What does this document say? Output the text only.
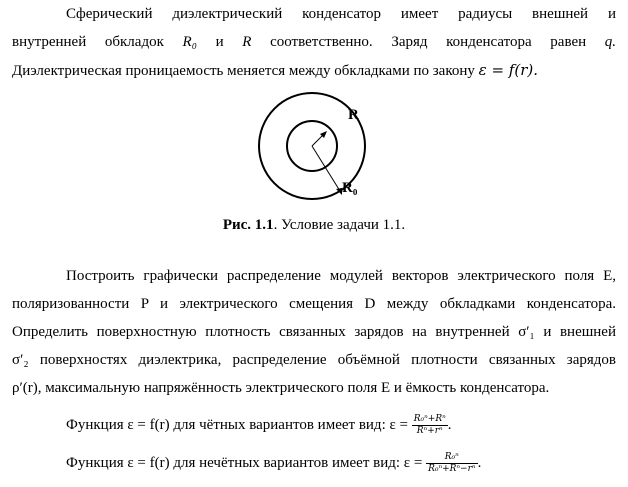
Сферический диэлектрический конденсатор имеет радиусы внешней и
внутренней обкладок R₀ и R соответственно. Заряд конденсатора равен q.
Диэлектрическая проницаемость меняется между обкладками по закону ε = f(r).
R
R₀
Рис. 1.1. Условие задачи 1.1.
Построить графически распределение модулей векторов электрического поля E,
поляризованности P и электрического смещения D между обкладками конденсатора.
Определить поверхностную плотность связанных зарядов на внутренней σ′₁ и внешней
σ′₂ поверхностях диэлектрика, распределение объёмной плотности связанных зарядов
ρ′(r), максимальную напряжённость электрического поля E и ёмкость конденсатора.
Функция ε = f(r) для чётных вариантов имеет вид: $\varepsilon = \frac{\text{R₀ⁿ+Rⁿ}}{\text{Rⁿ+rⁿ}}$ .
Функция ε = f(r) для нечётных вариантов имеет вид: $\varepsilon = \frac{\text{R₀ⁿ}}{\text{R₀ⁿ+Rⁿ−rⁿ}}$ .
